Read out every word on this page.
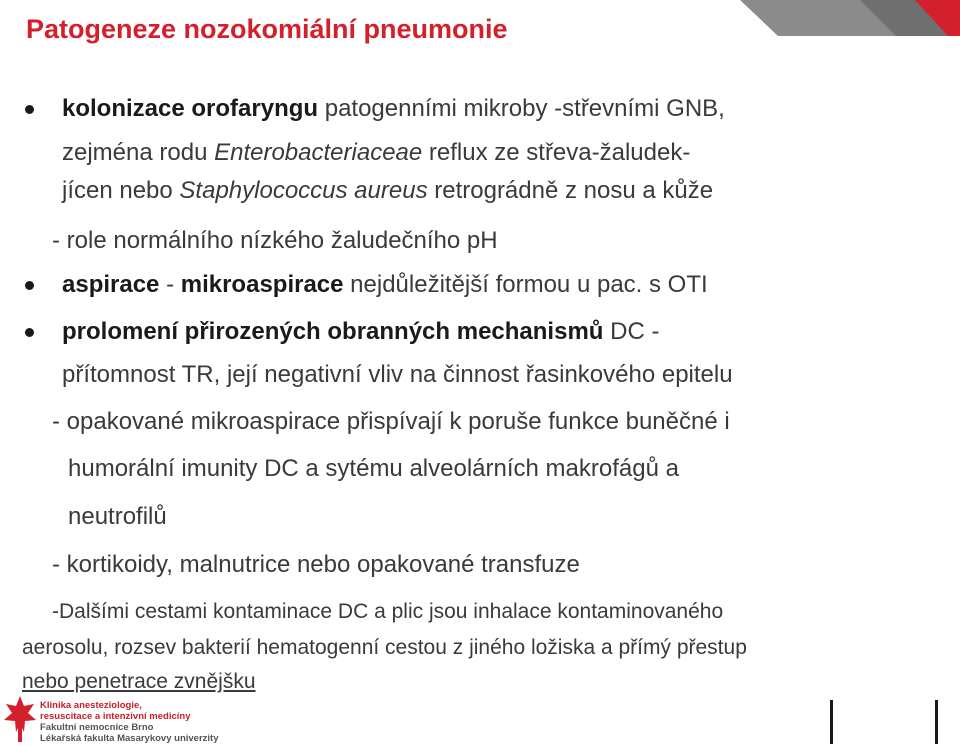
Patogeneze nozokomiální pneumonie

kolonizace orofaryngu patogenními mikroby -střevními GNB,

zejména rodu Enterobacteriaceae reflux ze střeva-žaludek-

jícen nebo Staphylococcus aureus retrográdně z nosu a kůže

- role normálního nízkého žaludečního pH

aspirace - mikroaspirace nejdůležitější formou u pac. s OTI

prolomení přirozených obranných mechanismů DC -

přítomnost TR, její negativní vliv na činnost řasinkového epitelu

- opakované mikroaspirace přispívají k poruše funkce buněčné i

humorální imunity DC a sytému alveolárních makrofágů a

neutrofilů

- kortikoidy, malnutrice nebo opakované transfuze

-Dalšími cestami kontaminace DC a plic jsou inhalace kontaminovaného

aerosolu, rozsev bakterií hematogenní cestou z jiného ložiska a přímý přestup

nebo penetrace zvnějšku

Klinika anesteziologie,
resuscitace a intenzivní medicíny
Fakultní nemocnice Brno
Lékařská fakulta Masarykovy univerzity
